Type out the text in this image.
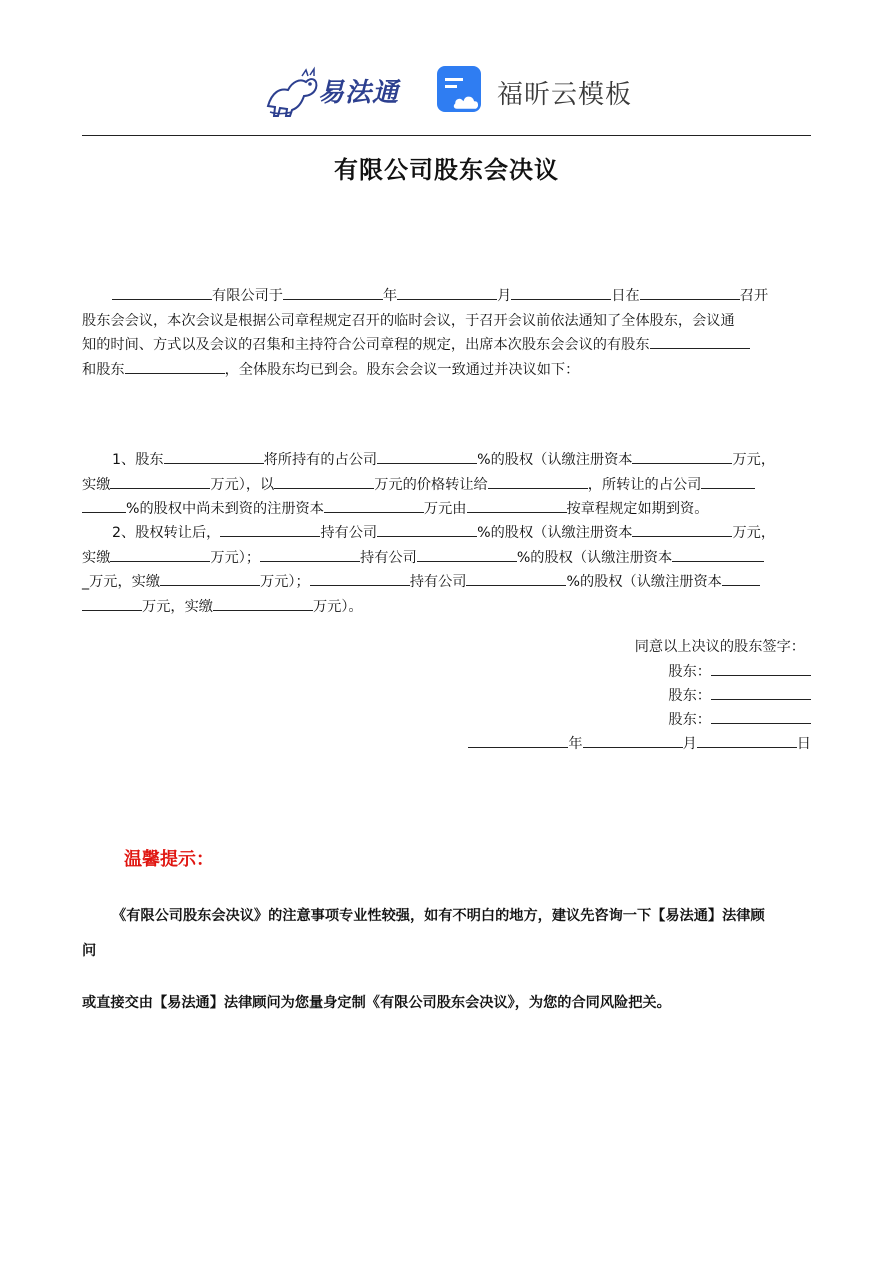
易法通	福昕云模板
有限公司股东会决议
有限公司于	年	月	日在	召开
股东会会议，本次会议是根据公司章程规定召开的临时会议，于召开会议前依法通知了全体股东，会议通
知的时间、方式以及会议的召集和主持符合公司章程的规定，出席本次股东会会议的有股东
和股东	，全体股东均已到会。股东会会议一致通过并决议如下：
1、股东	将所持有的占公司	%的股权（认缴注册资本	万元，
实缴	万元），以	万元的价格转让给	，所转让的占公司
%的股权中尚未到资的注册资本	万元由	按章程规定如期到资。
2、股权转让后，	持有公司	%的股权（认缴注册资本	万元，
实缴	万元）；	持有公司	%的股权（认缴注册资本
_万元，实缴	万元）；	持有公司	%的股权（认缴注册资本
万元，实缴	万元）。
同意以上决议的股东签字：
股东：
股东：
股东：
年	月	日
温馨提示：
《有限公司股东会决议》的注意事项专业性较强，如有不明白的地方，建议先咨询一下【易法通】法律顾
问
或直接交由【易法通】法律顾问为您量身定制《有限公司股东会决议》，为您的合同风险把关。
